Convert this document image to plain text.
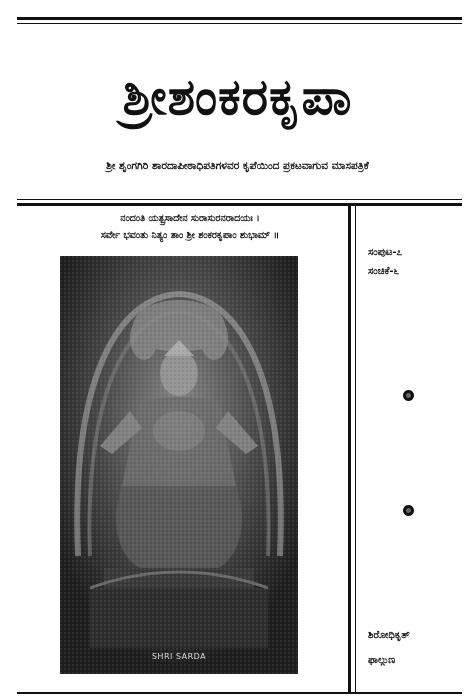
ಶ್ರೀಶಂಕರಕೃಪಾ
ಶ್ರೀ ಶೃಂಗಗಿರಿ ಶಾರದಾಪೀಠಾಧಿಪತಿಗಳವರ ಕೃಪೆಯಿಂದ ಪ್ರಕಟವಾಗುವ ಮಾಸಪತ್ರಿಕೆ
ನಂದಂತಿ ಯತ್ಪ್ರಸಾದೇನ ಸುರಾಸುರನರಾದಯಃ ।
ಸರ್ವೇ ಭವಂತು ನಿತ್ಯಂ ತಾಂ ಶ್ರೀ ಶಂಕರಕೃಪಾಂ ಶುಭಾಮ್ ॥
ಸಂಪುಟ-೭
ಸಂಚಿಕೆ-೬
ಶಿರೋಧಿಕೃತ್
ಫಾಲ್ಗುಣ
SHRI SARDA
